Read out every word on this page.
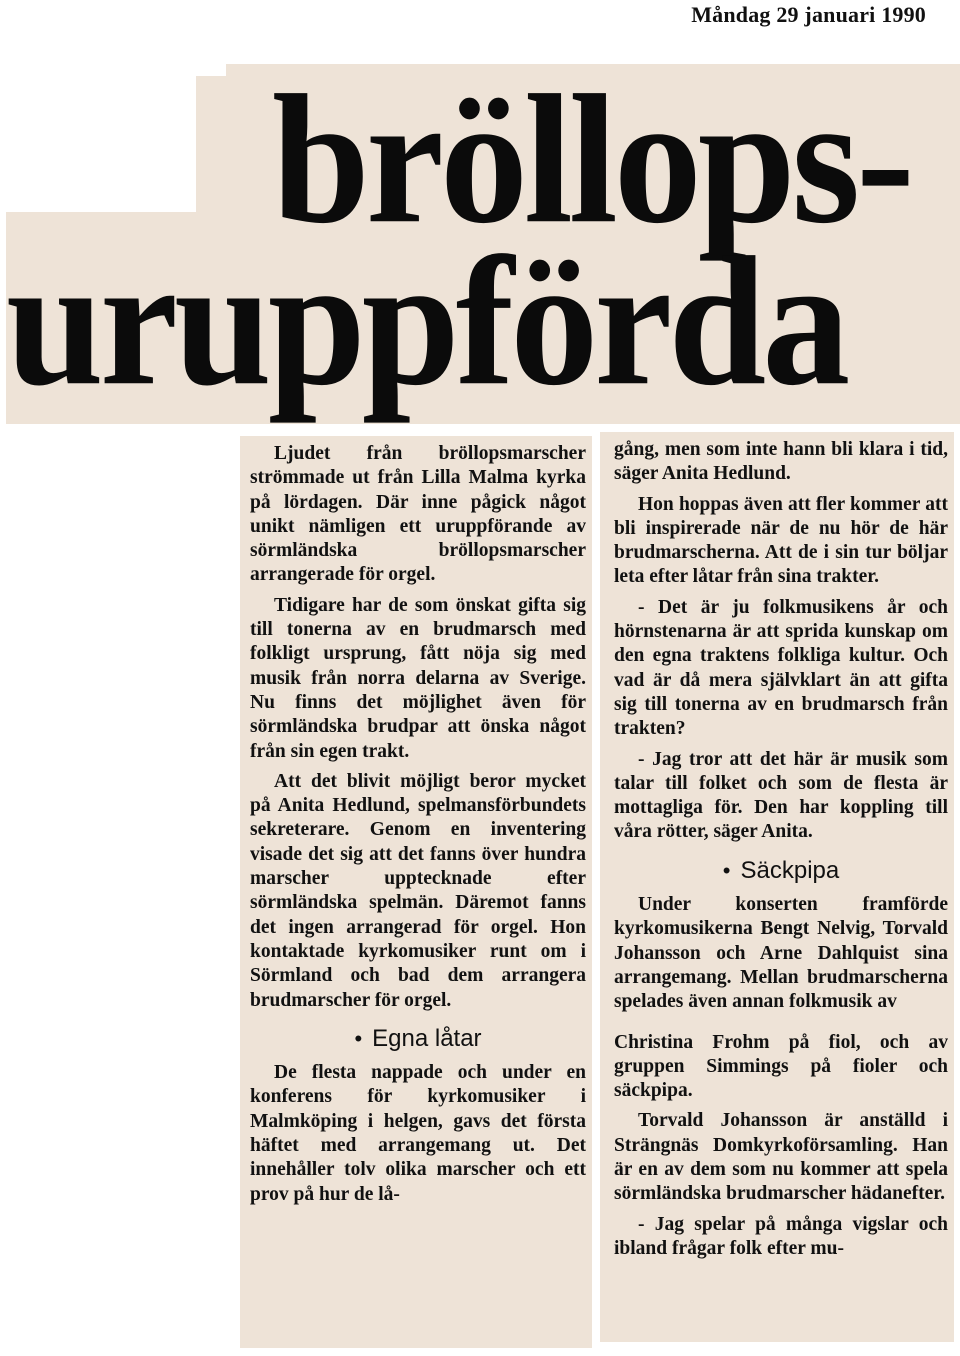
Måndag 29 januari 1990
bröllops-
uruppförda

Ljudet från bröllopsmarscher strömmade ut från Lilla Malma kyrka på lördagen. Där inne pågick något unikt nämligen ett uruppförande av sörmländska bröllopsmarscher arrangerade för orgel.

Tidigare har de som önskat gifta sig till tonerna av en brudmarsch med folkligt ursprung, fått nöja sig med musik från norra delarna av Sverige. Nu finns det möjlighet även för sörmländska brudpar att önska något från sin egen trakt.

Att det blivit möjligt beror mycket på Anita Hedlund, spelmansförbundets sekreterare. Genom en inventering visade det sig att det fanns över hundra marscher upptecknade efter sörmländska spelmän. Däremot fanns det ingen arrangerad för orgel. Hon kontaktade kyrkomusiker runt om i Sörmland och bad dem arrangera brudmarscher för orgel.

• Egna låtar

De flesta nappade och under en konferens för kyrkomusiker i Malmköping i helgen, gavs det första häftet med arrangemang ut. Det innehåller tolv olika marscher och ett prov på hur de lå-

gång, men som inte hann bli klara i tid, säger Anita Hedlund.

Hon hoppas även att fler kommer att bli inspirerade när de nu hör de här brudmarscherna. Att de i sin tur böljar leta efter låtar från sina trakter.

- Det är ju folkmusikens år och hörnstenarna är att sprida kunskap om den egna traktens folkliga kultur. Och vad är då mera självklart än att gifta sig till tonerna av en brudmarsch från trakten?

- Jag tror att det här är musik som talar till folket och som de flesta är mottagliga för. Den har koppling till våra rötter, säger Anita.

• Säckpipa

Under konserten framförde kyrkomusikerna Bengt Nelvig, Torvald Johansson och Arne Dahlquist sina arrangemang. Mellan brudmarscherna spelades även annan folkmusik av

Christina Frohm på fiol, och av gruppen Simmings på fioler och säckpipa.

Torvald Johansson är anställd i Strängnäs Domkyrkoförsamling. Han är en av dem som nu kommer att spela sörmländska brudmarscher hädanefter.

- Jag spelar på många vigslar och ibland frågar folk efter mu-
